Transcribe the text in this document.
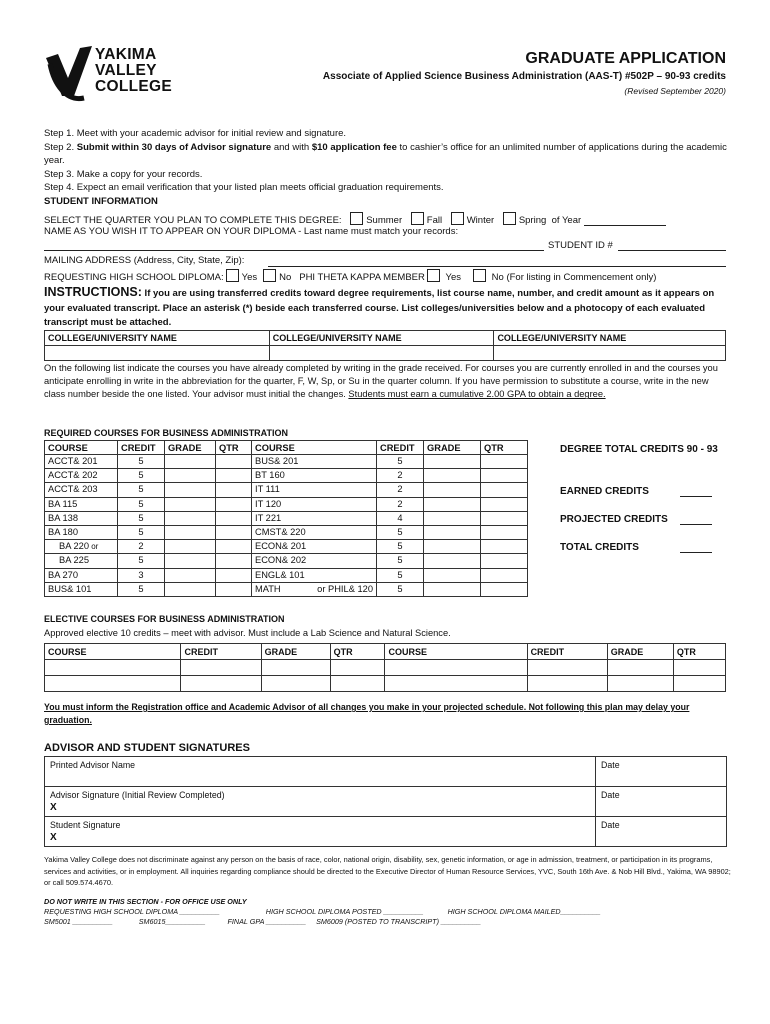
YAKIMA
VALLEY
COLLEGE
GRADUATE APPLICATION
Associate of Applied Science Business Administration (AAS-T) #502P – 90-93 credits
(Revised September 2020)
Step 1. Meet with your academic advisor for initial review and signature.
Step 2. Submit within 30 days of Advisor signature and with $10 application fee to cashier’s office for an unlimited number of applications during the academic year.
Step 3. Make a copy for your records.
Step 4. Expect an email verification that your listed plan meets official graduation requirements.
STUDENT INFORMATION
SELECT THE QUARTER YOU PLAN TO COMPLETE THIS DEGREE:	Summer	Fall	Winter	Spring of Year
NAME AS YOU WISH IT TO APPEAR ON YOUR DIPLOMA - Last name must match your records:
STUDENT ID #
MAILING ADDRESS (Address, City, State, Zip):
REQUESTING HIGH SCHOOL DIPLOMA: Yes No PHI THETA KAPPA MEMBER Yes	No (For listing in Commencement only)
INSTRUCTIONS: If you are using transferred credits toward degree requirements, list course name, number, and credit amount as it appears on your evaluated transcript. Place an asterisk (*) beside each transferred course. List colleges/universities below and a photocopy of each evaluated transcript must be attached.
COLLEGE/UNIVERSITY NAME	COLLEGE/UNIVERSITY NAME	COLLEGE/UNIVERSITY NAME

On the following list indicate the courses you have already completed by writing in the grade received. For courses you are currently enrolled in and the courses you anticipate enrolling in write in the abbreviation for the quarter, F, W, Sp, or Su in the quarter column. If you have permission to substitute a course, write in the new class number beside the one listed. Your advisor must initial the changes. Students must earn a cumulative 2.00 GPA to obtain a degree.
REQUIRED COURSES FOR BUSINESS ADMINISTRATION
COURSE	CREDIT	GRADE	QTR	COURSE	CREDIT	GRADE	QTR
ACCT& 201	5			BUS& 201	5		
ACCT& 202	5			BT 160	2		
ACCT& 203	5			IT 111	2		
BA 115	5			IT 120	2		
BA 138	5			IT 221	4		
BA 180	5			CMST& 220	5		
BA 220 or	2			ECON& 201	5		
BA 225	5			ECON& 202	5		
BA 270	3			ENGL& 101	5		
BUS& 101	5			MATH or PHIL& 120	5		
DEGREE TOTAL CREDITS 90 - 93
EARNED CREDITS
PROJECTED CREDITS
TOTAL CREDITS
ELECTIVE COURSES FOR BUSINESS ADMINISTRATION
Approved elective 10 credits – meet with advisor. Must include a Lab Science and Natural Science.
COURSE	CREDIT	GRADE	QTR	COURSE	CREDIT	GRADE	QTR

You must inform the Registration office and Academic Advisor of all changes you make in your projected schedule. Not following this plan may delay your graduation.
ADVISOR AND STUDENT SIGNATURES
Printed Advisor Name	Date
Advisor Signature (Initial Review Completed)
X	Date
Student Signature
X	Date
Yakima Valley College does not discriminate against any person on the basis of race, color, national origin, disability, sex, genetic information, or age in admission, treatment, or participation in its programs, services and activities, or in employment. All inquiries regarding compliance should be directed to the Executive Director of Human Resource Services, YVC, South 16th Ave. & Nob Hill Blvd., Yakima, WA 98902; or call 509.574.4670.
DO NOT WRITE IN THIS SECTION - FOR OFFICE USE ONLY
REQUESTING HIGH SCHOOL DIPLOMA __________	HIGH SCHOOL DIPLOMA POSTED __________	HIGH SCHOOL DIPLOMA MAILED__________
SM5001 __________	SM6015__________	FINAL GPA __________ SM6009 (POSTED TO TRANSCRIPT) __________
